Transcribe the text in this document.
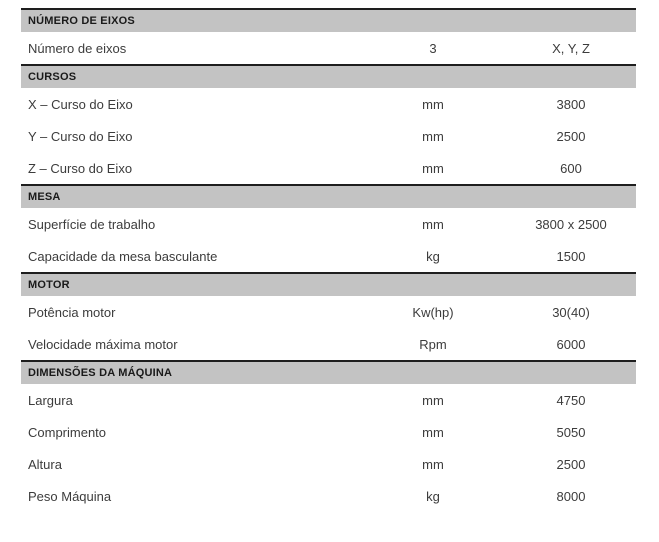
NÚMERO DE EIXOS
Número de eixos	3	X, Y, Z
CURSOS
X – Curso do Eixo	mm	3800
Y – Curso do Eixo	mm	2500
Z – Curso do Eixo	mm	600
MESA
Superfície de trabalho	mm	3800 x 2500
Capacidade da mesa basculante	kg	1500
MOTOR
Potência motor	Kw(hp)	30(40)
Velocidade máxima motor	Rpm	6000
DIMENSÕES DA MÁQUINA
Largura	mm	4750
Comprimento	mm	5050
Altura	mm	2500
Peso Máquina	kg	8000
